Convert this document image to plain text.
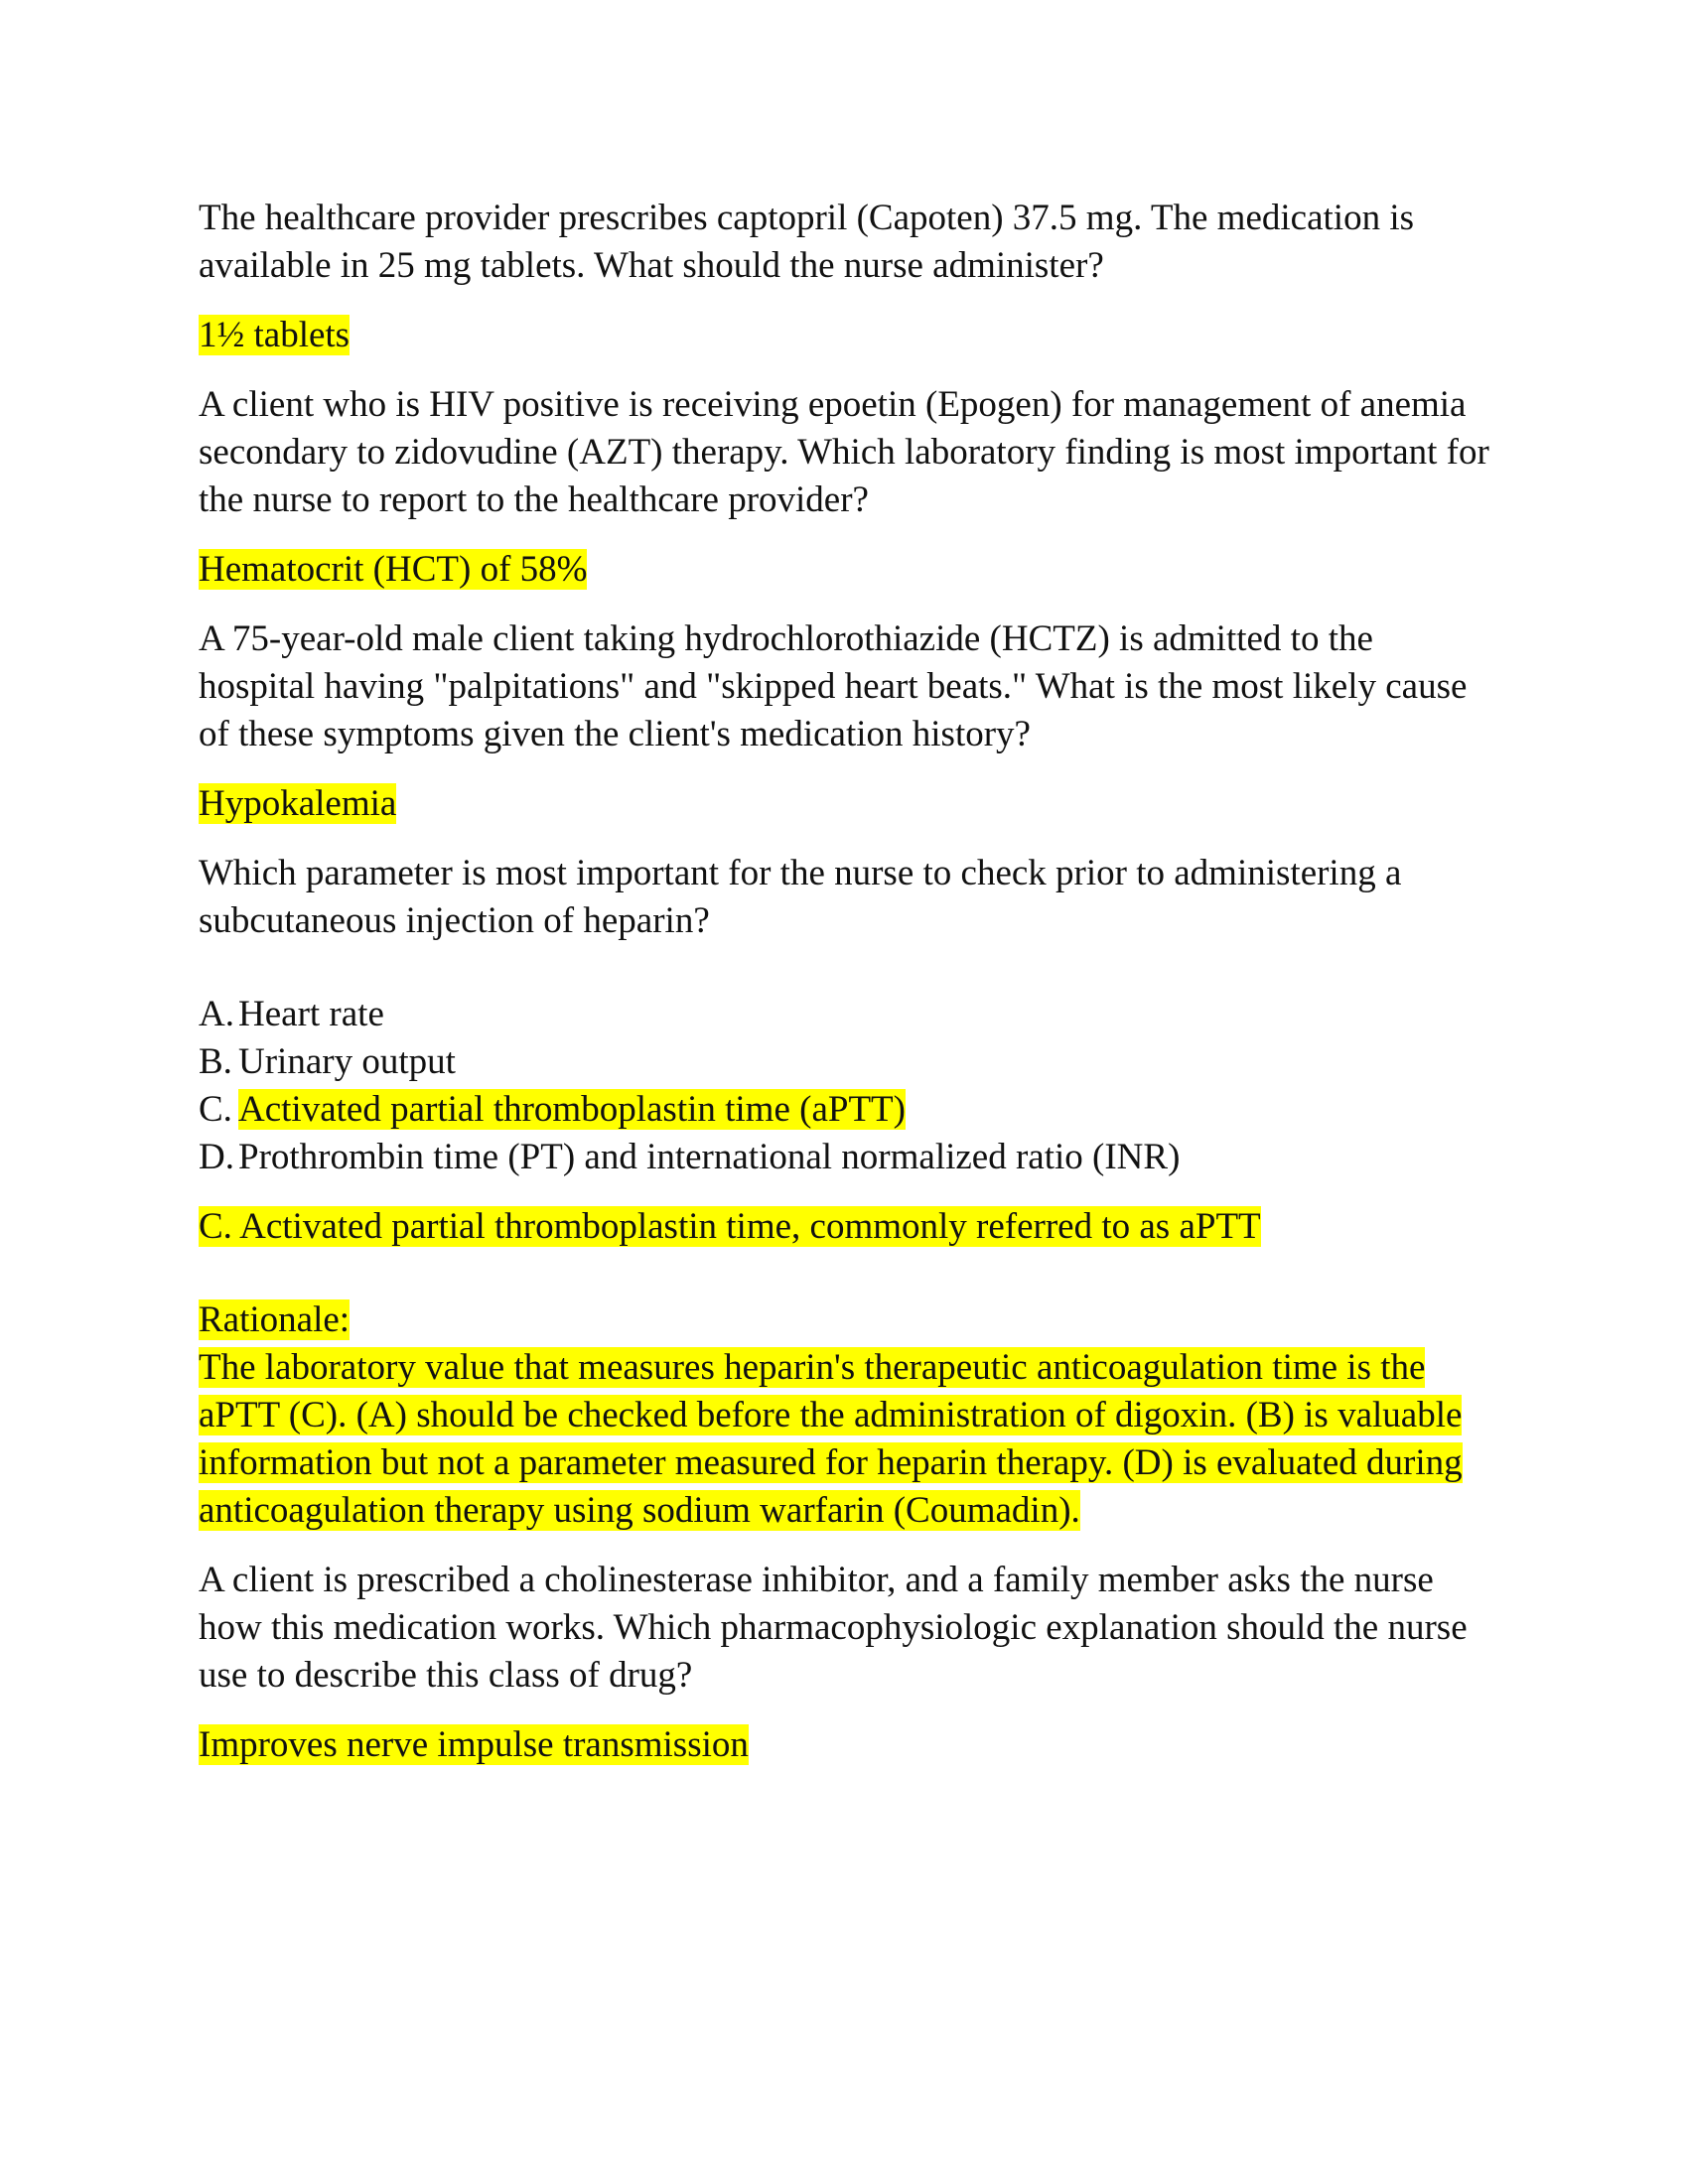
The healthcare provider prescribes captopril (Capoten) 37.5 mg. The medication is available in 25 mg tablets. What should the nurse administer?

1½ tablets

A client who is HIV positive is receiving epoetin (Epogen) for management of anemia secondary to zidovudine (AZT) therapy. Which laboratory finding is most important for the nurse to report to the healthcare provider?

Hematocrit (HCT) of 58%

A 75-year-old male client taking hydrochlorothiazide (HCTZ) is admitted to the hospital having "palpitations" and "skipped heart beats." What is the most likely cause of these symptoms given the client's medication history?

Hypokalemia

Which parameter is most important for the nurse to check prior to administering a subcutaneous injection of heparin?

A. Heart rate

B. Urinary output

C. Activated partial thromboplastin time (aPTT)

D. Prothrombin time (PT) and international normalized ratio (INR)

C. Activated partial thromboplastin time, commonly referred to as aPTT

Rationale:

The laboratory value that measures heparin's therapeutic anticoagulation time is the aPTT (C). (A) should be checked before the administration of digoxin. (B) is valuable information but not a parameter measured for heparin therapy. (D) is evaluated during anticoagulation therapy using sodium warfarin (Coumadin).

A client is prescribed a cholinesterase inhibitor, and a family member asks the nurse how this medication works. Which pharmacophysiologic explanation should the nurse use to describe this class of drug?

Improves nerve impulse transmission
